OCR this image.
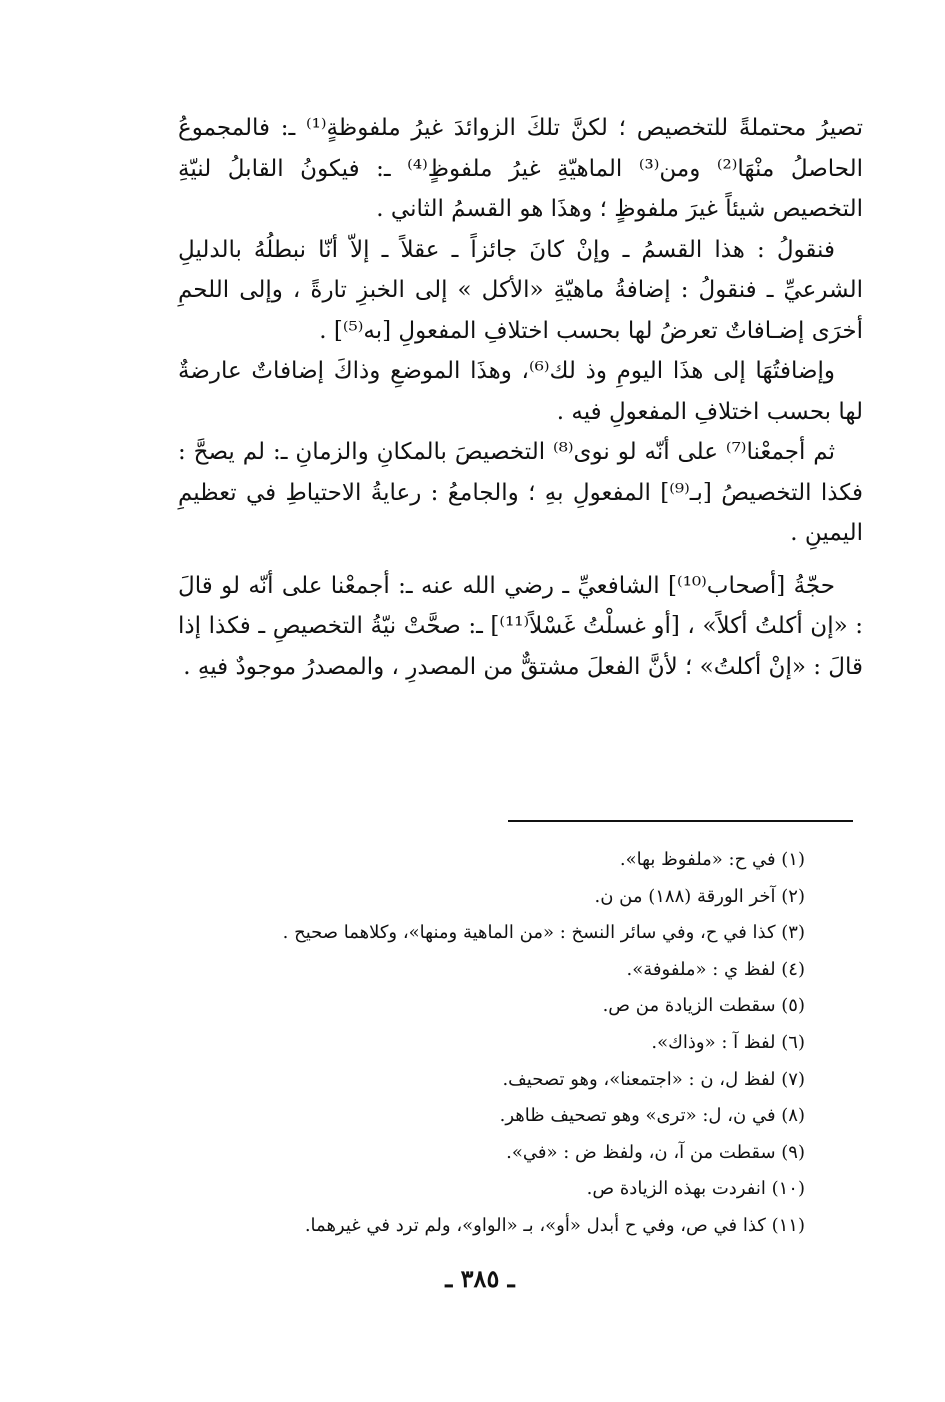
تصيرُ محتملةً للتخصيص ؛ لكنَّ تلكَ الزوائدَ غيرُ ملفوظةٍ⁽¹⁾ ـ: فالمجموعُ الحاصلُ منْهَا⁽²⁾ ومن⁽³⁾ الماهيّةِ غيرُ ملفوظٍ⁽⁴⁾ ـ: فيكونُ القابلُ لنيّةِ التخصيص شيئاً غيرَ ملفوظٍ ؛ وهذَا هو القسمُ الثاني .

فنقولُ : هذا القسمُ ـ وإنْ كانَ جائزاً ـ عقلاً ـ إلاّ أنّا نبطلُهُ بالدليلِ الشرعيِّ ـ فنقولُ : إضافةُ ماهيّةِ «الأكل » إلى الخبزِ تارةً ، وإلى اللحمِ أخرَى إضـافاتٌ تعرضُ لها بحسب اختلافِ المفعولِ [به⁽⁵⁾] .

وإضافتُهَا إلى هذَا اليومِ وذ لك⁽⁶⁾، وهذَا الموضعِ وذاكَ إضافاتٌ عارضةٌ لها بحسب اختلافِ المفعولِ فيه .

ثم أجمعْنا⁽⁷⁾ على أنّه لو نوى⁽⁸⁾ التخصيصَ بالمكانِ والزمانِ ـ: لم يصحَّ : فكذا التخصيصُ [بـ⁽⁹⁾] المفعولِ بهِ ؛ والجامعُ : رعايةُ الاحتياطِ في تعظيمِ اليمينِ .

حجّةُ [أصحاب⁽¹⁰⁾] الشافعيِّ ـ رضي الله عنه ـ: أجمعْنا على أنّه لو قالَ : «إن أكلتُ أكلاً» ، [أو غسلْتُ غَسْلاً⁽¹¹⁾] ـ: صحَّتْ نيّةُ التخصيصِ ـ فكذا إذا قالَ : «إنْ أكلتُ» ؛ لأنَّ الفعلَ مشتقٌّ من المصدرِ ، والمصدرُ موجودٌ فيهِ .

(١) في ح: «ملفوظ بها».
(٢) آخر الورقة (١٨٨) من ن.
(٣) كذا في ح، وفي سائر النسخ : «من الماهية ومنها»، وكلاهما صحيح .
(٤) لفظ ي : «ملفوفة».
(٥) سقطت الزيادة من ص.
(٦) لفظ آ : «وذاك».
(٧) لفظ ل، ن : «اجتمعنا»، وهو تصحيف.
(٨) في ن، ل: «ترى» وهو تصحيف ظاهر.
(٩) سقطت من آ، ن، ولفظ ض : «في».
(١٠) انفردت بهذه الزيادة ص.
(١١) كذا في ص، وفي ح أبدل «أو»، بـ «الواو»، ولم ترد في غيرهما.
ـ ٣٨٥ ـ
